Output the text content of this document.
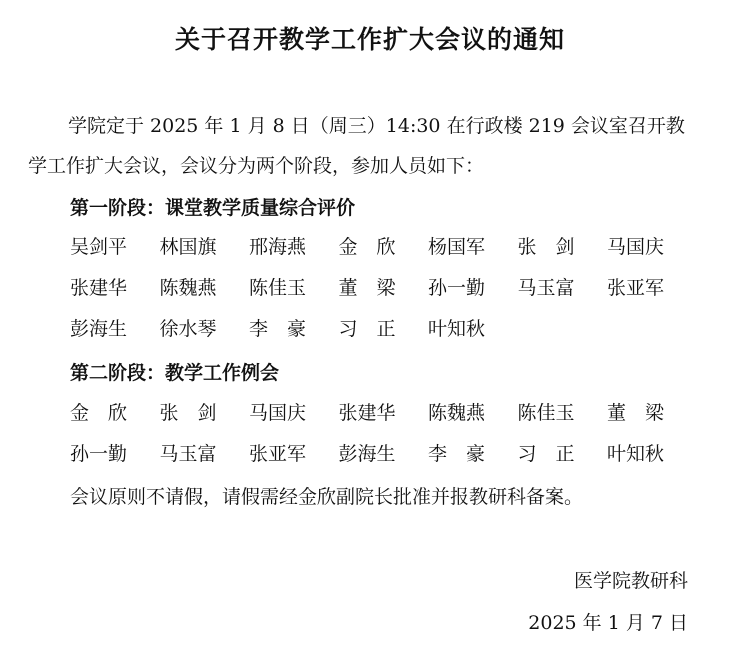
关于召开教学工作扩大会议的通知
学院定于 2025 年 1 月 8 日（周三）14:30 在行政楼 219 会议室召开教学工作扩大会议，会议分为两个阶段，参加人员如下：
第一阶段：课堂教学质量综合评价
吴剑平 林国旗 邢海燕 金　欣 杨国军 张　剑 马国庆
张建华 陈魏燕 陈佳玉 董　梁 孙一勤 马玉富 张亚军
彭海生 徐水琴 李　豪 习　正 叶知秋
第二阶段：教学工作例会
金　欣 张　剑 马国庆 张建华 陈魏燕 陈佳玉 董　梁
孙一勤 马玉富 张亚军 彭海生 李　豪 习　正 叶知秋
会议原则不请假，请假需经金欣副院长批准并报教研科备案。
医学院教研科
2025 年 1 月 7 日
